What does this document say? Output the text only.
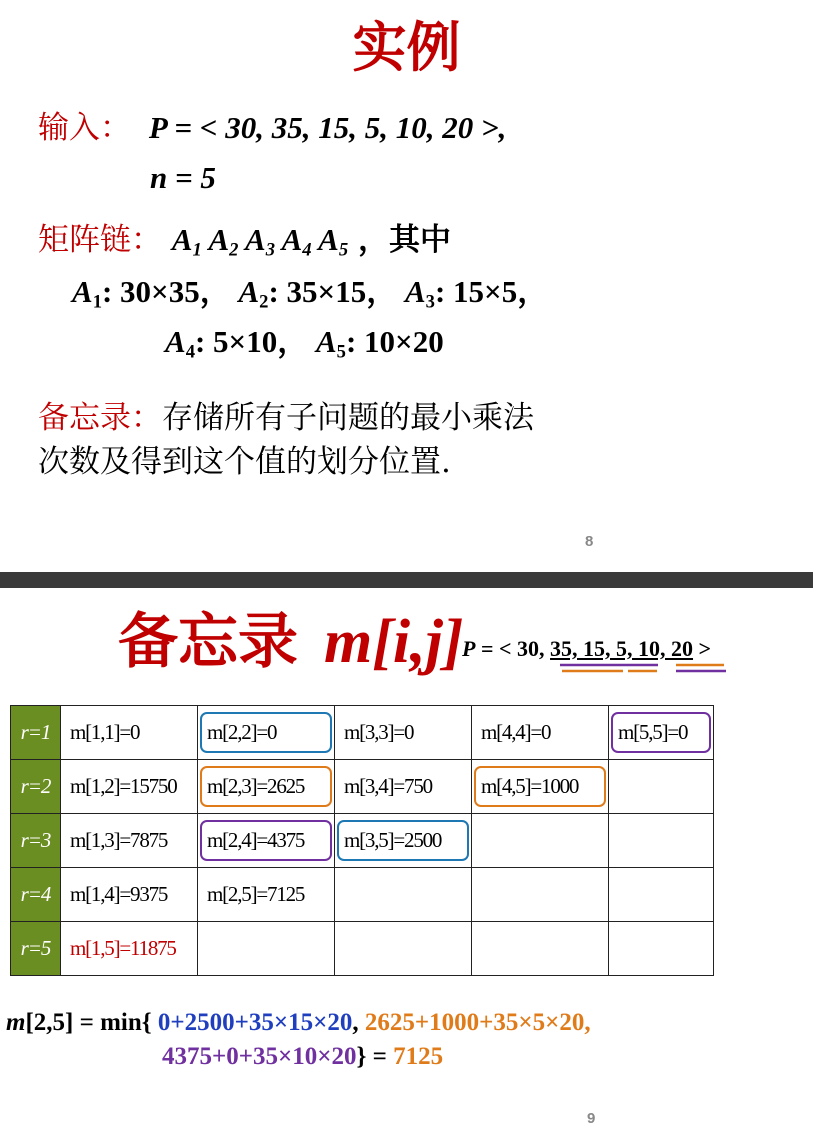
实例
输入： P = < 30, 35, 15, 5, 10, 20 >,
n = 5
矩阵链： $A_1$ $A_2$ $A_3$ $A_4$ $A_5$ ，其中
$A_1$: 30×35， $A_2$: 35×15， $A_3$: 15×5，
$A_4$: 5×10， $A_5$: 10×20
备忘录：存储所有子问题的最小乘法
次数及得到这个值的划分位置.
8
备忘录 m[i,j]
P = < 30, 35, 15, 5, 10, 20 >
r=1	m[1,1]=0	m[2,2]=0	m[3,3]=0	m[4,4]=0	m[5,5]=0
r=2	m[1,2]=15750	m[2,3]=2625	m[3,4]=750	m[4,5]=1000	
r=3	m[1,3]=7875	m[2,4]=4375	m[3,5]=2500		
r=4	m[1,4]=9375	m[2,5]=7125			
r=5	m[1,5]=11875				
m[2,5] = min{ 0+2500+35×15×20, 2625+1000+35×5×20,
4375+0+35×10×20} = 7125
9
